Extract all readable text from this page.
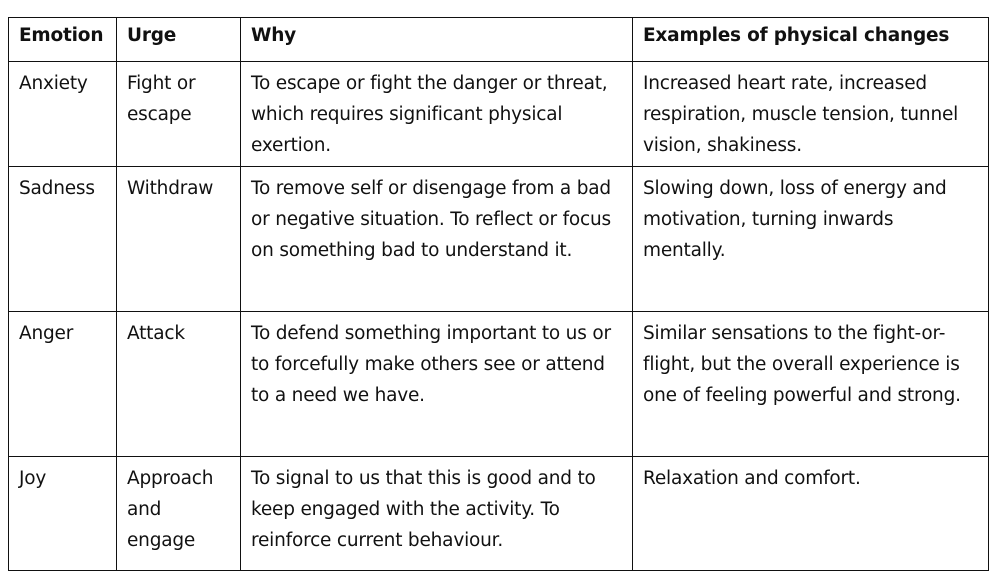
Emotion	Urge	Why	Examples of physical changes
Anxiety	Fight or escape	To escape or fight the danger or threat, which requires significant physical exertion.	Increased heart rate, increased respiration, muscle tension, tunnel vision, shakiness.
Sadness	Withdraw	To remove self or disengage from a bad or negative situation. To reflect or focus on something bad to understand it.	Slowing down, loss of energy and motivation, turning inwards mentally.
Anger	Attack	To defend something important to us or to forcefully make others see or attend to a need we have.	Similar sensations to the fight-or-flight, but the overall experience is one of feeling powerful and strong.
Joy	Approach and engage	To signal to us that this is good and to keep engaged with the activity. To reinforce current behaviour.	Relaxation and comfort.
